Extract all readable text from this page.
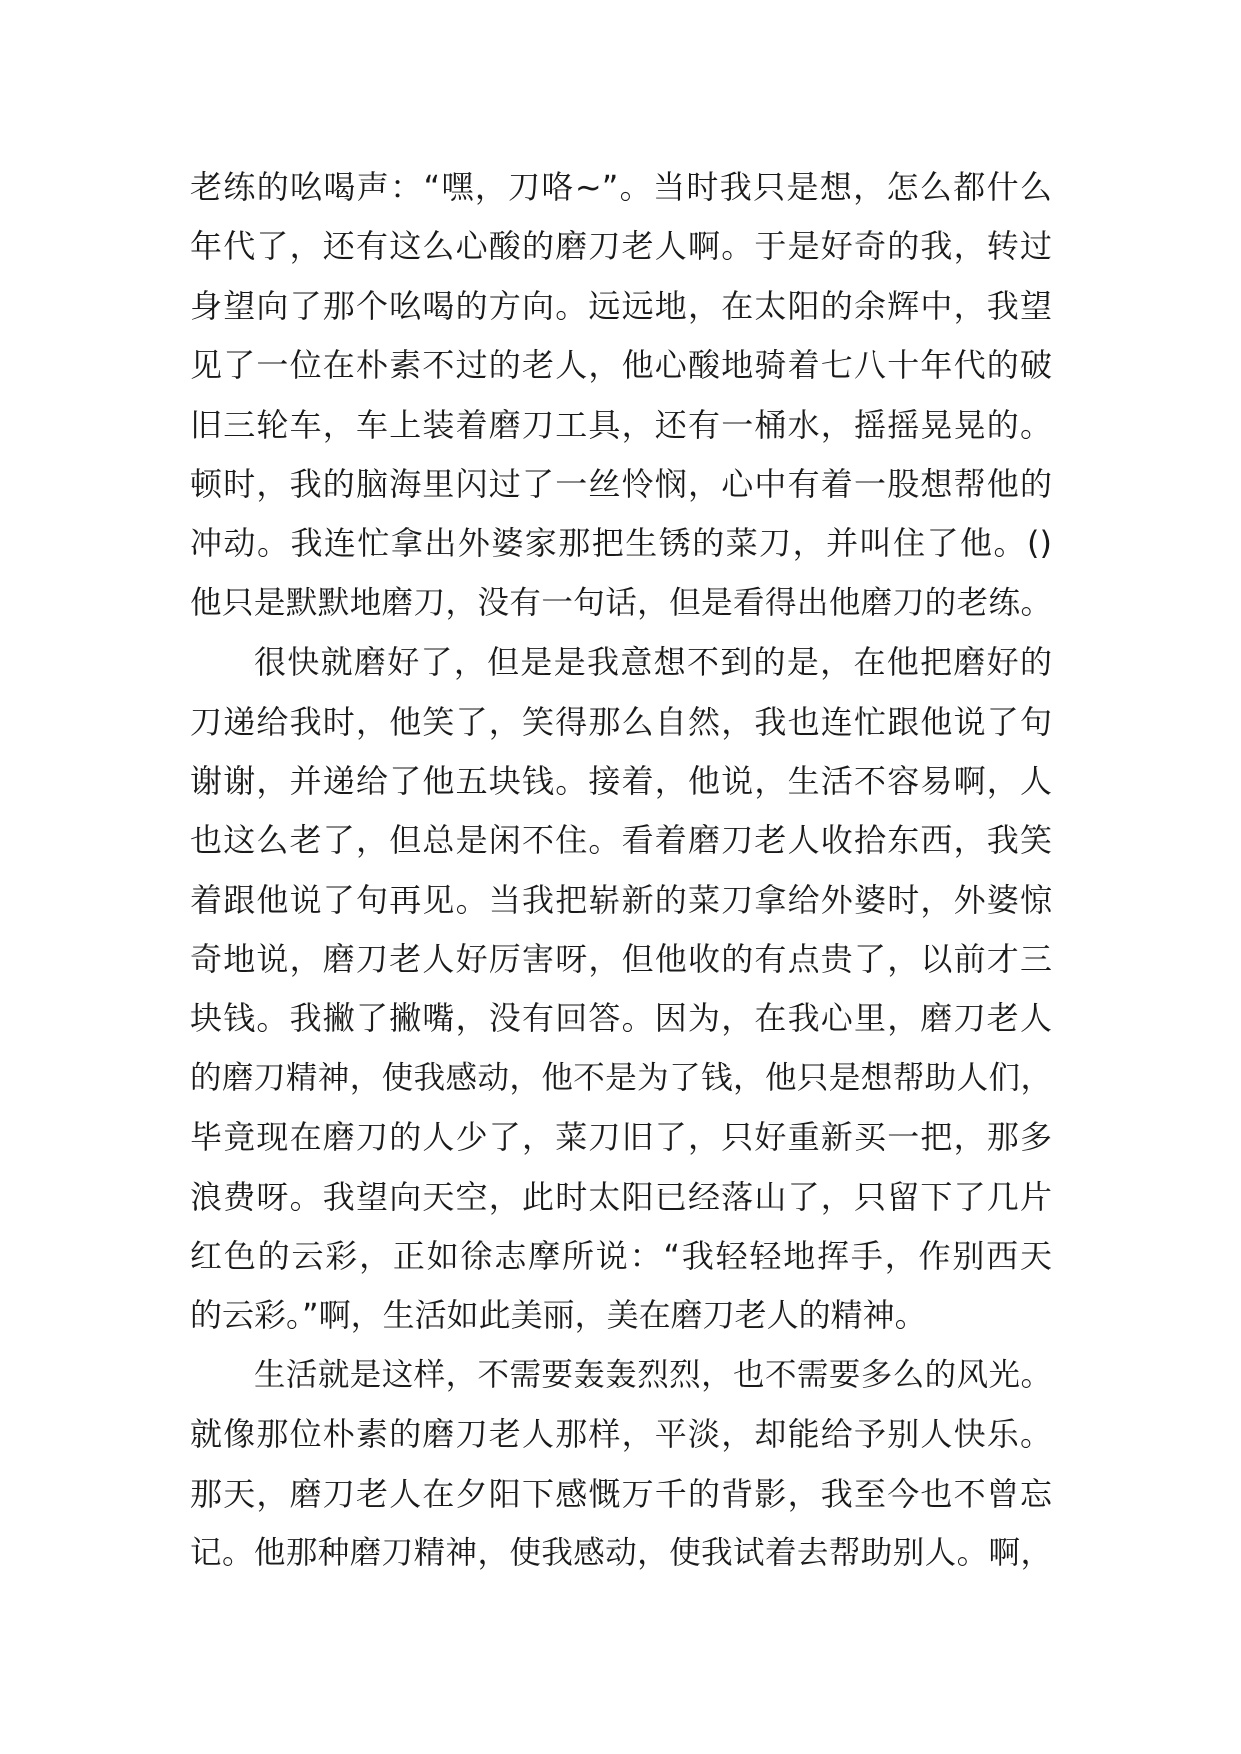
老练的吆喝声：“嘿，刀咯~”。当时我只是想，怎么都什么
年代了，还有这么心酸的磨刀老人啊。于是好奇的我，转过
身望向了那个吆喝的方向。远远地，在太阳的余辉中，我望
见了一位在朴素不过的老人，他心酸地骑着七八十年代的破
旧三轮车，车上装着磨刀工具，还有一桶水，摇摇晃晃的。
顿时，我的脑海里闪过了一丝怜悯，心中有着一股想帮他的
冲动。我连忙拿出外婆家那把生锈的菜刀，并叫住了他。()
他只是默默地磨刀，没有一句话，但是看得出他磨刀的老练。
很快就磨好了，但是是我意想不到的是，在他把磨好的
刀递给我时，他笑了，笑得那么自然，我也连忙跟他说了句
谢谢，并递给了他五块钱。接着，他说，生活不容易啊，人
也这么老了，但总是闲不住。看着磨刀老人收拾东西，我笑
着跟他说了句再见。当我把崭新的菜刀拿给外婆时，外婆惊
奇地说，磨刀老人好厉害呀，但他收的有点贵了，以前才三
块钱。我撇了撇嘴，没有回答。因为，在我心里，磨刀老人
的磨刀精神，使我感动，他不是为了钱，他只是想帮助人们，
毕竟现在磨刀的人少了，菜刀旧了，只好重新买一把，那多
浪费呀。我望向天空，此时太阳已经落山了，只留下了几片
红色的云彩，正如徐志摩所说：“我轻轻地挥手，作别西天
的云彩。”啊，生活如此美丽，美在磨刀老人的精神。
生活就是这样，不需要轰轰烈烈，也不需要多么的风光。
就像那位朴素的磨刀老人那样，平淡，却能给予别人快乐。
那天，磨刀老人在夕阳下感慨万千的背影，我至今也不曾忘
记。他那种磨刀精神，使我感动，使我试着去帮助别人。啊，
